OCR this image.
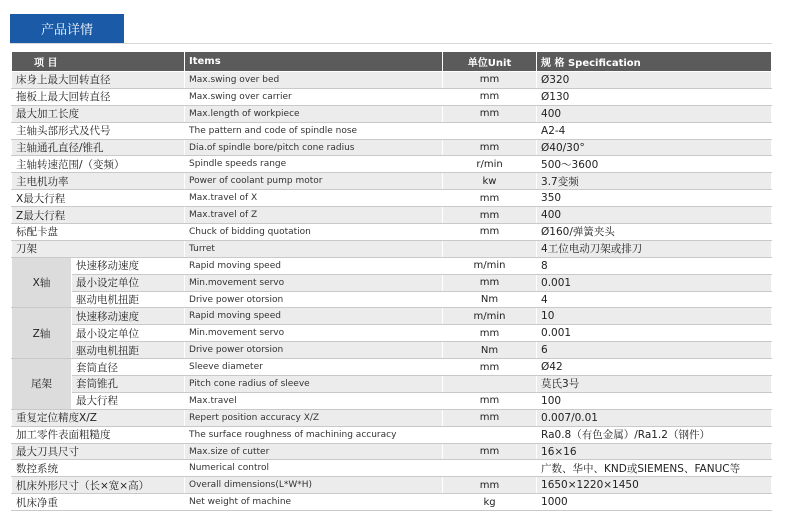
产品详情
项 目		Items	单位Unit	规 格 Specification
床身上最大回转直径		Max.swing over bed	mm	Ø320
拖板上最大回转直径		Max.swing over carrier	mm	Ø130
最大加工长度		Max.length of workpiece	mm	400
主轴头部形式及代号		The pattern and code of spindle nose		A2-4
主轴通孔直径/锥孔		Dia.of spindle bore/pitch cone radius	mm	Ø40/30°
主轴转速范围/（变频）		Spindle speeds range	r/min	500～3600
主电机功率		Power of coolant pump motor	kw	3.7变频
X最大行程		Max.travel of X	mm	350
Z最大行程		Max.travel of Z	mm	400
标配卡盘		Chuck of bidding quotation	mm	Ø160/弹簧夹头
刀架		Turret		4工位电动刀架或排刀
X轴	快速移动速度	Rapid moving speed	m/min	8
	最小设定单位	Min.movement servo	mm	0.001
	驱动电机扭距	Drive power otorsion	Nm	4
Z轴	快速移动速度	Rapid moving speed	m/min	10
	最小设定单位	Min.movement servo	mm	0.001
	驱动电机扭距	Drive power otorsion	Nm	6
尾架	套筒直径	Sleeve diameter	mm	Ø42
	套筒锥孔	Pitch cone radius of sleeve		莫氏3号
	最大行程	Max.travel	mm	100
重复定位精度X/Z		Repert position accuracy X/Z	mm	0.007/0.01
加工零件表面粗糙度		The surface roughness of machining accuracy		Ra0.8（有色金属）/Ra1.2（钢件）
最大刀具尺寸		Max.size of cutter	mm	16×16
数控系统		Numerical control		广数、华中、KND或SIEMENS、FANUC等
机床外形尺寸（长×宽×高）		Overall dimensions(L*W*H)	mm	1650×1220×1450
机床净重		Net weight of machine	kg	1000
